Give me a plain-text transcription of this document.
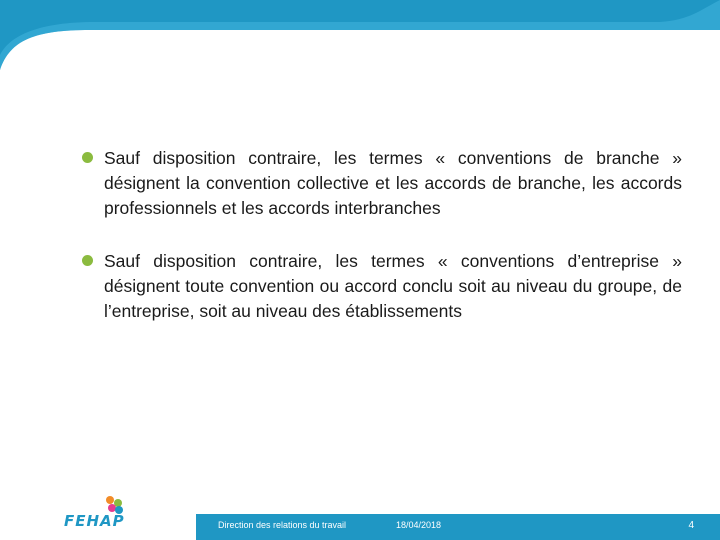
Sauf disposition contraire, les termes « conventions de branche » désignent la convention collective et les accords de branche, les accords professionnels et les accords interbranches
Sauf disposition contraire, les termes « conventions d’entreprise » désignent toute convention ou accord conclu soit au niveau du groupe, de l’entreprise, soit au niveau des établissements
FEHAP	Direction des relations du travail	18/04/2018	4
